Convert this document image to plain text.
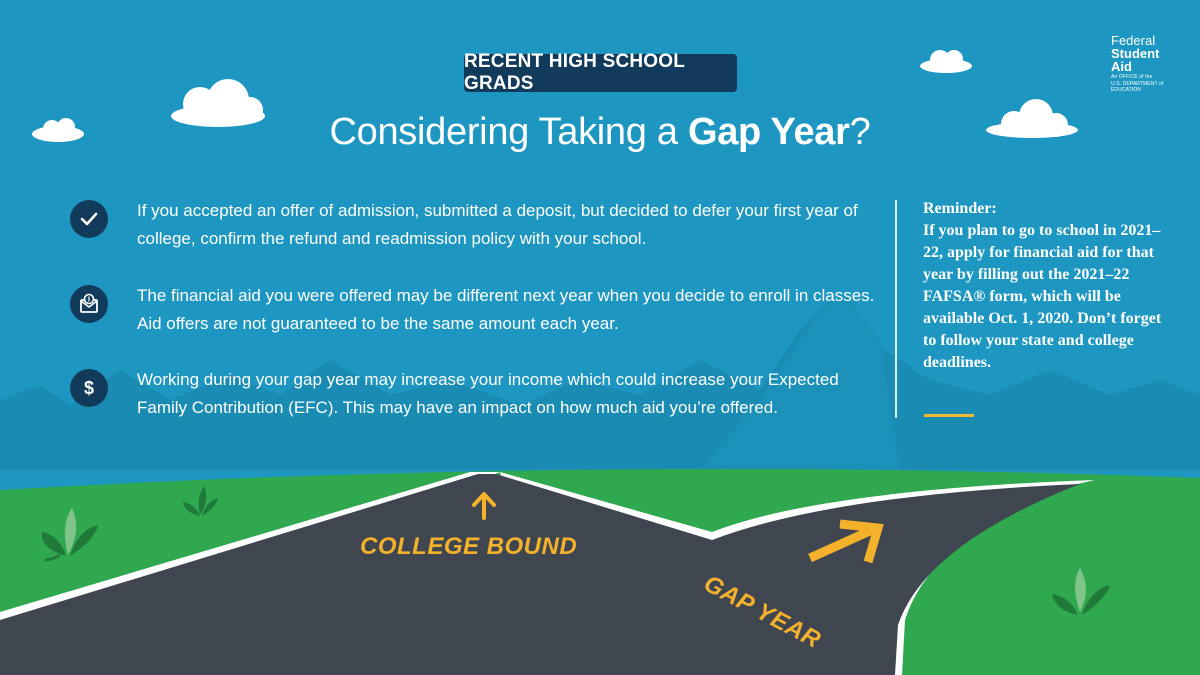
RECENT HIGH SCHOOL GRADS
Considering Taking a Gap Year?
Federal
Student
Aid
An OFFICE of the
U.S. DEPARTMENT of EDUCATION
If you accepted an offer of admission, submitted a deposit, but decided to defer your first year of college, confirm the refund and readmission policy with your school.
The financial aid you were offered may be different next year when you decide to enroll in classes. Aid offers are not guaranteed to be the same amount each year.
$	Working during your gap year may increase your income which could increase your Expected Family Contribution (EFC). This may have an impact on how much aid you’re offered.
Reminder:
If you plan to go to school in 2021–22, apply for financial aid for that year by filling out the 2021–22 FAFSA® form, which will be available Oct. 1, 2020. Don’t forget to follow your state and college deadlines.
COLLEGE BOUND
GAP YEAR
